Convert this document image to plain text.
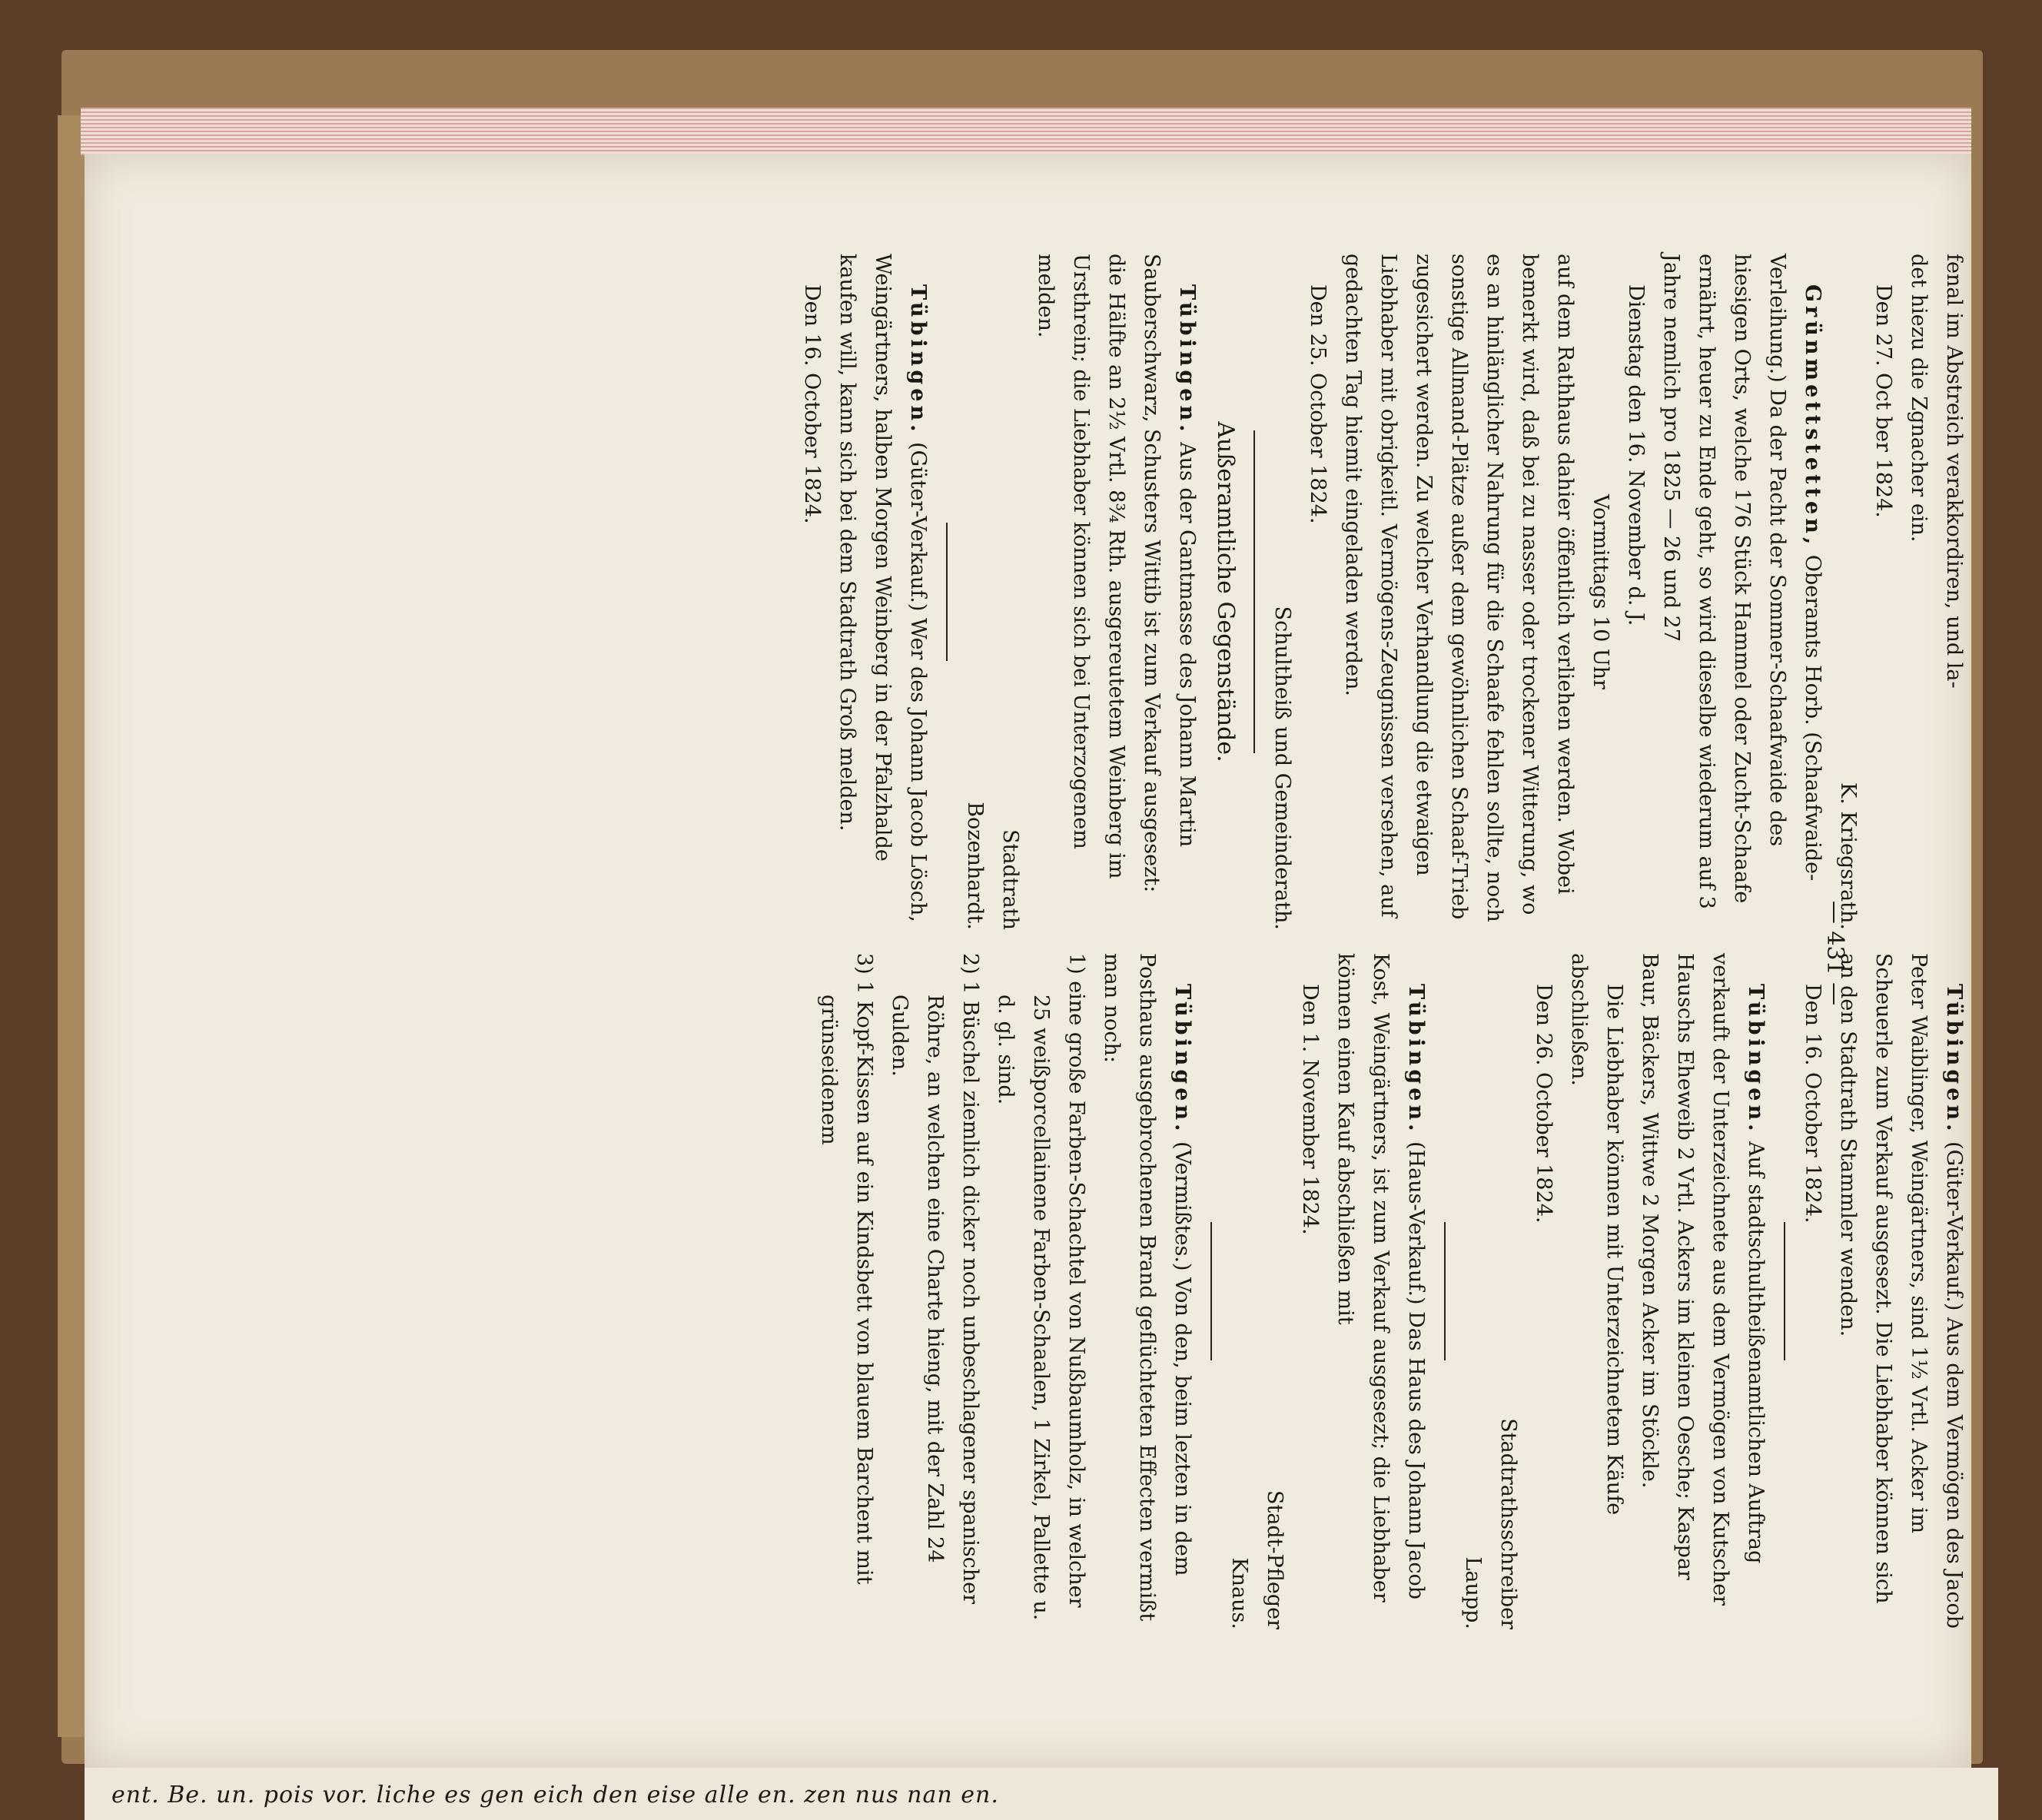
— 431 —

fenal im Abstreich verakkordiren, und la-

det hiezu die Zgnacher ein.

Den 27. Oct ber 1824.

K. Kriegsrath.

Grünmettstetten, Oberamts Horb. (Schaafwaide-Verleihung.) Da der Pacht der Sommer-Schaafwaide des hiesigen Orts, welche 176 Stück Hammel oder Zucht-Schaafe ernährt, heuer zu Ende geht, so wird dieselbe wiederum auf 3 Jahre nemlich pro 1825 — 26 und 27

Dienstag den 16. November d. J.

Vormittags 10 Uhr

auf dem Rathhaus dahier öffentlich verliehen werden. Wobei bemerkt wird, daß bei zu nasser oder trockener Witterung, wo es an hinlänglicher Nahrung für die Schaafe fehlen sollte, noch sonstige Allmand-Plätze außer dem gewöhnlichen Schaaf-Trieb zugesichert werden. Zu welcher Verhandlung die etwaigen Liebhaber mit obrigkeitl. Vermögens-Zeugnissen versehen, auf gedachten Tag hiemit eingeladen werden.

Den 25. October 1824.

Schultheiß und Gemeinderath.

Außeramtliche Gegenstände.

Tübingen. Aus der Gantmasse des Johann Martin Sauberschwarz, Schusters Wittib ist zum Verkauf ausgesezt: die Hälfte an 2½ Vrtl. 8¾ Rth. ausgereutetem Weinberg im Ursthrein; die Liebhaber können sich bei Unterzogenem melden.

Stadtrath

Bozenhardt.

Tübingen. (Güter-Verkauf.) Wer des Johann Jacob Lösch, Weingärtners, halben Morgen Weinberg in der Pfalzhalde kaufen will, kann sich bei dem Stadtrath Groß melden.

Den 16. October 1824.

Tübingen. (Güter-Verkauf.) Aus dem Vermögen des Jacob Peter Waiblinger, Weingärtners, sind 1½ Vrtl. Acker im Scheuerle zum Verkauf ausgesezt. Die Liebhaber können sich an den Stadtrath Stammler wenden.

Den 16. October 1824.

Tübingen. Auf stadtschultheißenamtlichen Auftrag verkauft der Unterzeichnete aus dem Vermögen von Kutscher Hauschs Eheweib 2 Vrtl. Ackers im kleinen Oesche; Kaspar Baur, Bäckers, Wittwe 2 Morgen Acker im Stöckle.

Die Liebhaber können mit Unterzeichnetem Käufe abschließen.

Den 26. October 1824.

Stadtrathsschreiber

Laupp.

Tübingen. (Haus-Verkauf.) Das Haus des Johann Jacob Kost, Weingärtners, ist zum Verkauf ausgesezt; die Liebhaber können einen Kauf abschließen mit

Den 1. November 1824.

Stadt-Pfleger

Knaus.

Tübingen. (Vermißtes.) Von den, beim lezten in dem Posthaus ausgebrochenen Brand geflüchteten Effecten vermißt man noch:

1) eine große Farben-Schachtel von Nußbaumholz, in welcher 25 weißporcellainene Farben-Schaalen, 1 Zirkel, Pallette u. d. gl. sind.
2) 1 Büschel ziemlich dicker noch unbeschlagener spanischer Röhre, an welchen eine Charte hieng, mit der Zahl 24 Gulden.
3) 1 Kopf-Kissen auf ein Kindsbett von blauem Barchent mit grünseidenem
ent. Be. un. pois vor. liche es gen eich den eise alle en. zen nus nan en.
